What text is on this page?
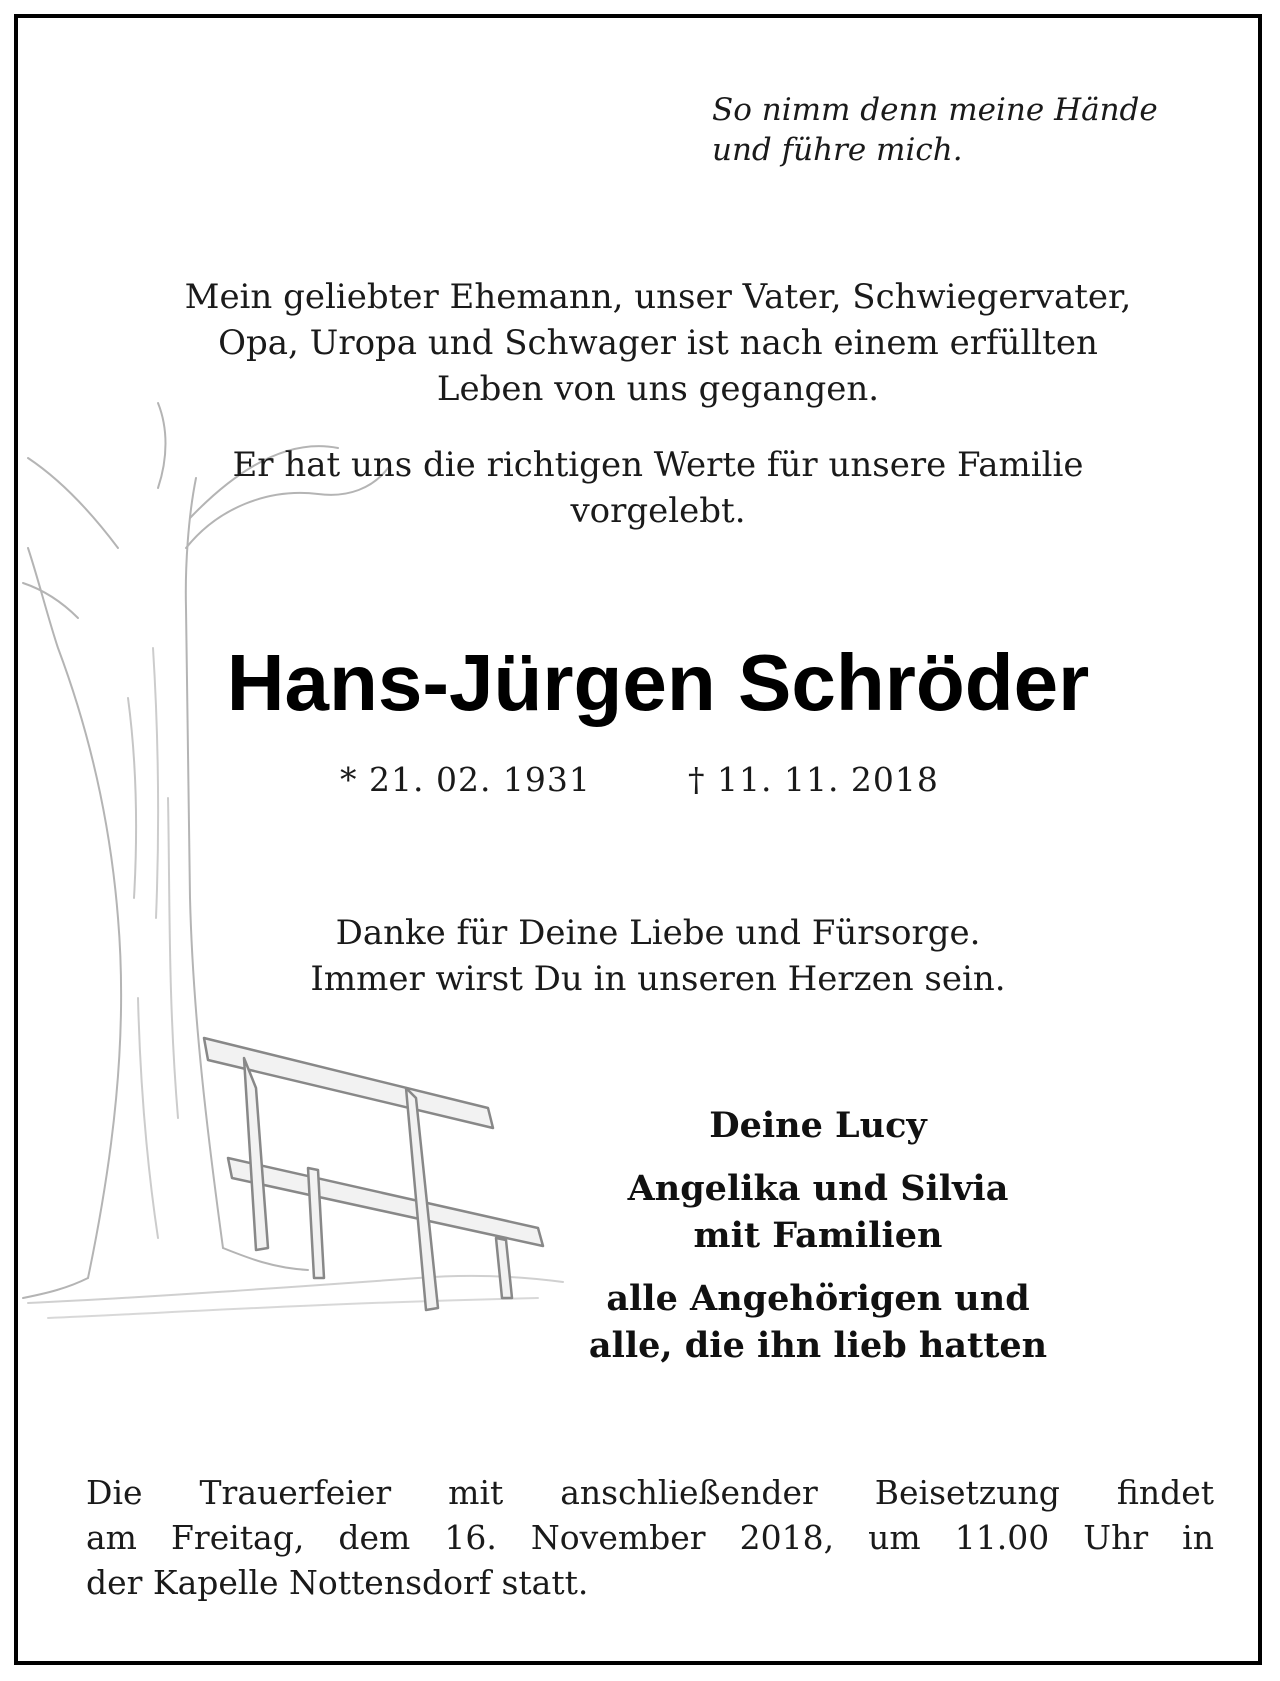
So nimm denn meine Hände
und führe mich.
Mein geliebter Ehemann, unser Vater, Schwiegervater,
Opa, Uropa und Schwager ist nach einem erfüllten
Leben von uns gegangen.
Er hat uns die richtigen Werte für unsere Familie
vorgelebt.
Hans-Jürgen Schröder
* 21. 02. 1931	† 11. 11. 2018
Danke für Deine Liebe und Fürsorge.
Immer wirst Du in unseren Herzen sein.
Deine Lucy
Angelika und Silvia
mit Familien
alle Angehörigen und
alle, die ihn lieb hatten
Die Trauerfeier mit anschließender Beisetzung findet
am Freitag, dem 16. November 2018, um 11.00 Uhr in
der Kapelle Nottensdorf statt.
